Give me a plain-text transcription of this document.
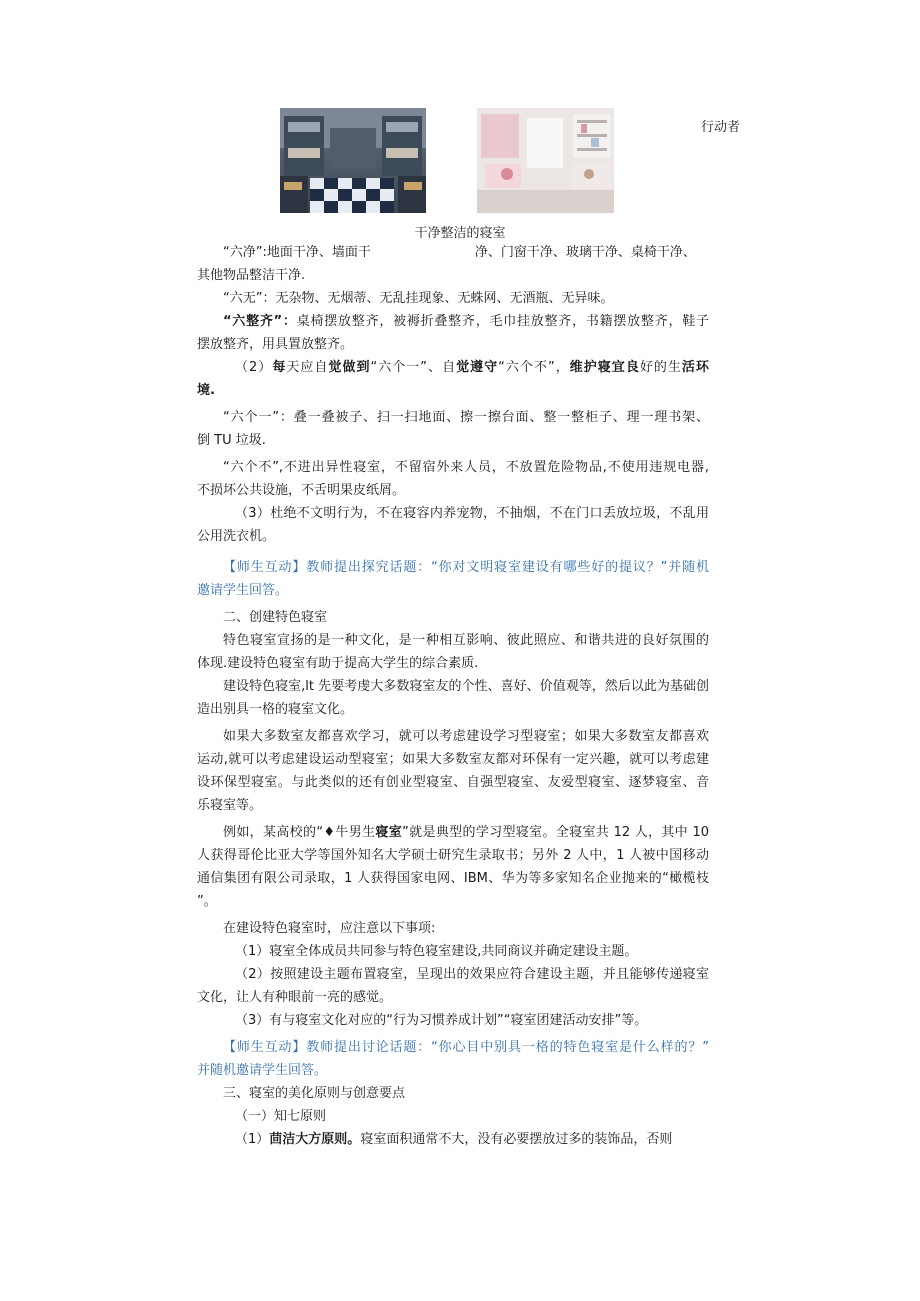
行动者
干净整洁的寝室
“六净”:地面干净、墙面干	净、门窗干净、玻璃干净、桌椅干净、
其他物品整洁干净.
“六无”：无杂物、无烟蒂、无乱挂现象、无蛛网、无酒瓶、无异味。
“六整齐”：桌椅摆放整齐，被褥折叠整齐，毛巾挂放整齐，书籍摆放整齐，鞋子
摆放整齐，用具置放整齐。
（2）每天应自觉做到“六个一”、自觉遵守“六个不”，维护寝宜良好的生活环
境.
“六个一”：叠一叠被子、扫一扫地面、擦一擦台面、整一整柜子、理一理书架、
倒 TU 垃圾.
“六个不”,不进出异性寝室，不留宿外来人员，不放置危险物品,不使用违规电器,
不损坏公共设施，不舌明果皮纸屑。
（3）杜绝不文明行为，不在寝容内养宠物，不抽烟，不在门口丢放垃圾，不乱用
公用洗衣机。
【师生互动】教师提出探究话题：“你对文明寝室建设有哪些好的提议？”并随机
邀请学生回答。
二、创建特色寝室
特色寝室宣扬的是一种文化，是一种相互影响、彼此照应、和谐共进的良好氛围的
体现.建设特色寝室有助于提高大学生的综合素质.
建设特色寝室,lt 先要考虔大多数寝室友的个性、喜好、价值观等，然后以此为基础创
造出别具一格的寝室文化。
如果大多数室友都喜欢学习，就可以考虑建设学习型寝室；如果大多数室友都喜欢
运动,就可以考虑建设运动型寝室；如果大多数室友都对环保有一定兴趣，就可以考虑建
设环保型寝室。与此类似的还有创业型寝室、自强型寝室、友爱型寝室、逐梦寝室、音
乐寝室等。
例如，某高校的“♦牛男生寝室”就是典型的学习型寝室。全寝室共 12 人，其中 10
人获得哥伦比亚大学等国外知名大学硕士研究生录取书；另外 2 人中，1 人被中国移动
通信集团有限公司录取，1 人获得国家电网、IBM、华为等多家知名企业抛来的“橄榄枝
”。
在建设特色寝室时，应注意以下事项:
（1）寝室全体成员共同参与特色寝室建设,共同商议并确定建设主题。
（2）按照建设主题布置寝室，呈现出的效果应符合建设主题，并且能够传递寝室
文化，让人有种眼前一亮的感觉。
（3）有与寝室文化对应的“行为习惯养成计划”“寝室团建活动安排”等。
【师生互动】教师提出讨论话题：“你心目中别具一格的特色寝室是什么样的？”
并随机邀请学生回答。
三、寝室的美化原则与创意要点
（一）知七原则
（1）茴洁大方原则。寝室面积通常不大，没有必要摆放过多的装饰品，否则
